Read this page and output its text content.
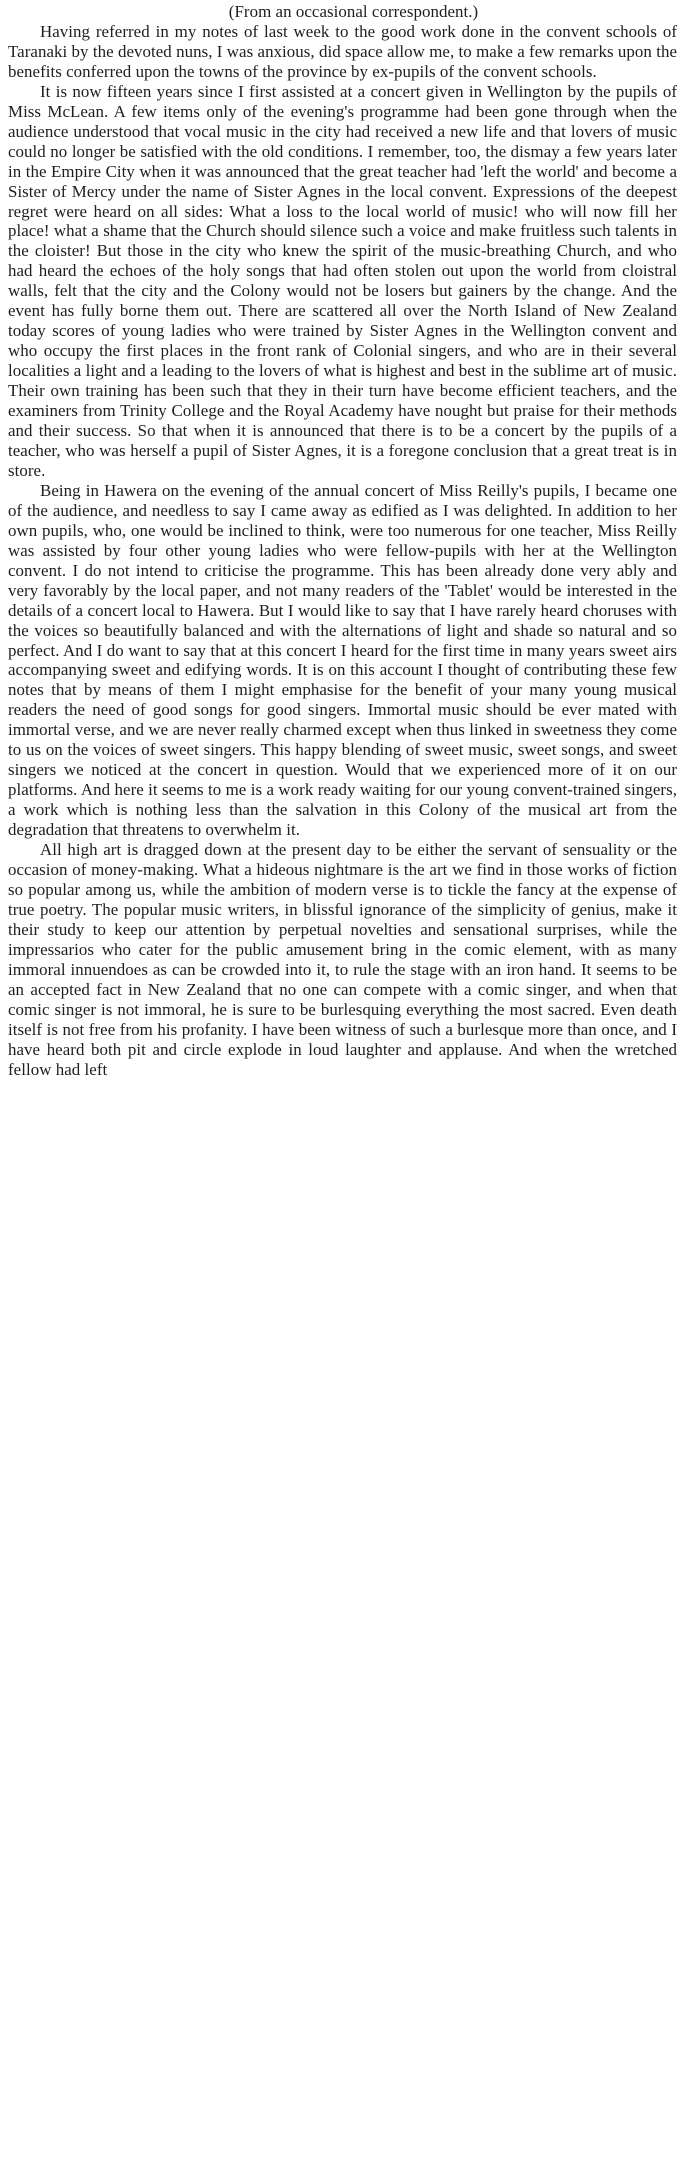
(From an occasional correspondent.)

Having referred in my notes of last week to the good work done in the convent schools of Taranaki by the devoted nuns, I was anxious, did space allow me, to make a few remarks upon the benefits conferred upon the towns of the province by ex-pupils of the convent schools.

It is now fifteen years since I first assisted at a concert given in Wellington by the pupils of Miss McLean. A few items only of the evening's programme had been gone through when the audience understood that vocal music in the city had received a new life and that lovers of music could no longer be satisfied with the old conditions. I remember, too, the dismay a few years later in the Empire City when it was announced that the great teacher had 'left the world' and become a Sister of Mercy under the name of Sister Agnes in the local convent. Expressions of the deepest regret were heard on all sides: What a loss to the local world of music! who will now fill her place! what a shame that the Church should silence such a voice and make fruitless such talents in the cloister! But those in the city who knew the spirit of the music-breathing Church, and who had heard the echoes of the holy songs that had often stolen out upon the world from cloistral walls, felt that the city and the Colony would not be losers but gainers by the change. And the event has fully borne them out. There are scattered all over the North Island of New Zealand today scores of young ladies who were trained by Sister Agnes in the Wellington convent and who occupy the first places in the front rank of Colonial singers, and who are in their several localities a light and a leading to the lovers of what is highest and best in the sublime art of music. Their own training has been such that they in their turn have become efficient teachers, and the examiners from Trinity College and the Royal Academy have nought but praise for their methods and their success. So that when it is announced that there is to be a concert by the pupils of a teacher, who was herself a pupil of Sister Agnes, it is a foregone conclusion that a great treat is in store.

Being in Hawera on the evening of the annual concert of Miss Reilly's pupils, I became one of the audience, and needless to say I came away as edified as I was delighted. In addition to her own pupils, who, one would be inclined to think, were too numerous for one teacher, Miss Reilly was assisted by four other young ladies who were fellow-pupils with her at the Wellington convent. I do not intend to criticise the programme. This has been already done very ably and very favorably by the local paper, and not many readers of the 'Tablet' would be interested in the details of a concert local to Hawera. But I would like to say that I have rarely heard choruses with the voices so beautifully balanced and with the alternations of light and shade so natural and so perfect. And I do want to say that at this concert I heard for the first time in many years sweet airs accompanying sweet and edifying words. It is on this account I thought of contributing these few notes that by means of them I might emphasise for the benefit of your many young musical readers the need of good songs for good singers. Immortal music should be ever mated with immortal verse, and we are never really charmed except when thus linked in sweetness they come to us on the voices of sweet singers. This happy blending of sweet music, sweet songs, and sweet singers we noticed at the concert in question. Would that we experienced more of it on our platforms. And here it seems to me is a work ready waiting for our young convent-trained singers, a work which is nothing less than the salvation in this Colony of the musical art from the degradation that threatens to overwhelm it.

All high art is dragged down at the present day to be either the servant of sensuality or the occasion of money-making. What a hideous nightmare is the art we find in those works of fiction so popular among us, while the ambition of modern verse is to tickle the fancy at the expense of true poetry. The popular music writers, in blissful ignorance of the simplicity of genius, make it their study to keep our attention by perpetual novelties and sensational surprises, while the impressarios who cater for the public amusement bring in the comic element, with as many immoral innuendoes as can be crowded into it, to rule the stage with an iron hand. It seems to be an accepted fact in New Zealand that no one can compete with a comic singer, and when that comic singer is not immoral, he is sure to be burlesquing everything the most sacred. Even death itself is not free from his profanity. I have been witness of such a burlesque more than once, and I have heard both pit and circle explode in loud laughter and applause. And when the wretched fellow had left
